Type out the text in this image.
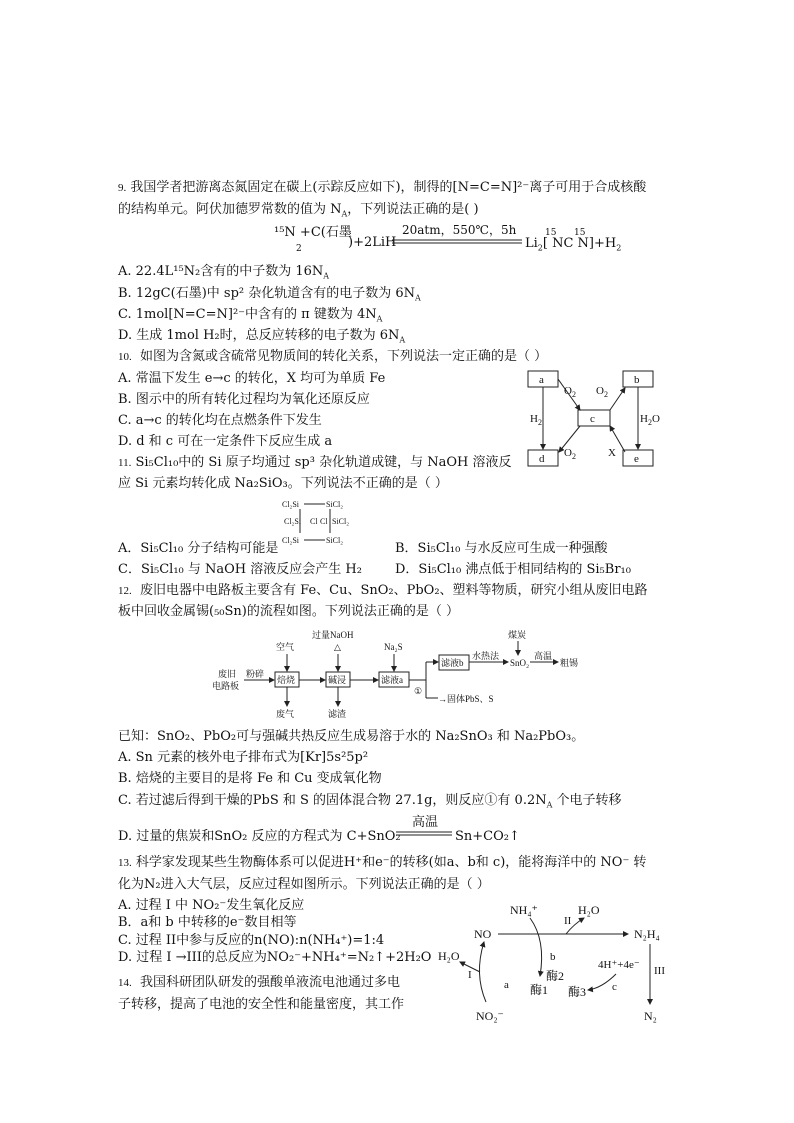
9. 我国学者把游离态氮固定在碳上(示踪反应如下)，制得的[N=C=N]²⁻离子可用于合成核酸
的结构单元。阿伏加德罗常数的值为 $N_A$，下列说法正确的是( )
¹⁵N +C(石墨
2	)+2LiH
20atm，550℃，5h
$Li_2$[ NC $N]+H_2$
15 15
A. 22.4L¹⁵N₂含有的中子数为 $16N_A$
B. 12gC(石墨)中 sp² 杂化轨道含有的电子数为 $6N_A$
C. 1mol[N=C=N]²⁻中含有的 π 键数为 $4N_A$
D. 生成 1mol H₂时，总反应转移的电子数为 $6N_A$
10. 如图为含氮或含硫常见物质间的转化关系，下列说法一定正确的是（ ）
A. 常温下发生 e→c 的转化，X 均可为单质 Fe
B. 图示中的所有转化过程均为氧化还原反应
C. a→c 的转化均在点燃条件下发生
D. d 和 c 可在一定条件下反应生成 a
a	b
c
d	e
$O_2$ $O_2$
$H_2$	$H_2O$
$O_2$	X
11. Si₅Cl₁₀中的 Si 原子均通过 sp³ 杂化轨道成键，与 NaOH 溶液反
应 Si 元素均转化成 Na₂SiO₃。下列说法不正确的是（ ）
Cl₂Si	SiCl₂
Cl₂Si	SiCl₂
Cl Cl
Cl₂Si	SiCl₂
A．Si₅Cl₁₀ 分子结构可能是	B．Si₅Cl₁₀ 与水反应可生成一种强酸
C．Si₅Cl₁₀ 与 NaOH 溶液反应会产生 H₂	D．Si₅Cl₁₀ 沸点低于相同结构的 Si₅Br₁₀
12. 废旧电器中电路板主要含有 Fe、Cu、SnO₂、PbO₂、塑料等物质，研究小组从废旧电路
板中回收金属锡(₅₀Sn)的流程如图。下列说法正确的是（ ）
废旧
电路板
粉碎
焙烧
空气
废气
碱浸
过量NaOH
△
滤渣
滤液a
Na₂S
①
→固体PbS、S
滤液b
水热法
SnO₂
煤炭
高温
粗锡
已知：SnO₂、PbO₂可与强碱共热反应生成易溶于水的 Na₂SnO₃ 和 Na₂PbO₃。
A. Sn 元素的核外电子排布式为[Kr]5s²5p²
B. 焙烧的主要目的是将 Fe 和 Cu 变成氧化物
C. 若过滤后得到干燥的PbS 和 S 的固体混合物 27.1g，则反应①有 $0.2N_A$ 个电子转移
D. 过量的焦炭和SnO₂ 反应的方程式为 C+SnO₂
高温
Sn+CO₂↑
13. 科学家发现某些生物酶体系可以促进H⁺和e⁻的转移(如a、b和 c)，能将海洋中的 NO⁻ 转
化为N₂进入大气层，反应过程如图所示。下列说法正确的是（ ）
A. 过程 I 中 NO₂⁻发生氧化反应
B．a和 b 中转移的e⁻数目相等
C. 过程 II中参与反应的n(NO):n(NH₄⁺)=1:4
D. 过程 I →III的总反应为NO₂⁻+NH₄⁺=N₂↑+2H₂O
NH₄⁺	H₂O
II
NO	N₂H₄
b
酶2
H₂O
I
a 酶1
NO₂⁻
4H⁺+4e⁻
c
酶3
III
N₂
14. 我国科研团队研发的强酸单液流电池通过多电
子转移，提高了电池的安全性和能量密度，其工作
